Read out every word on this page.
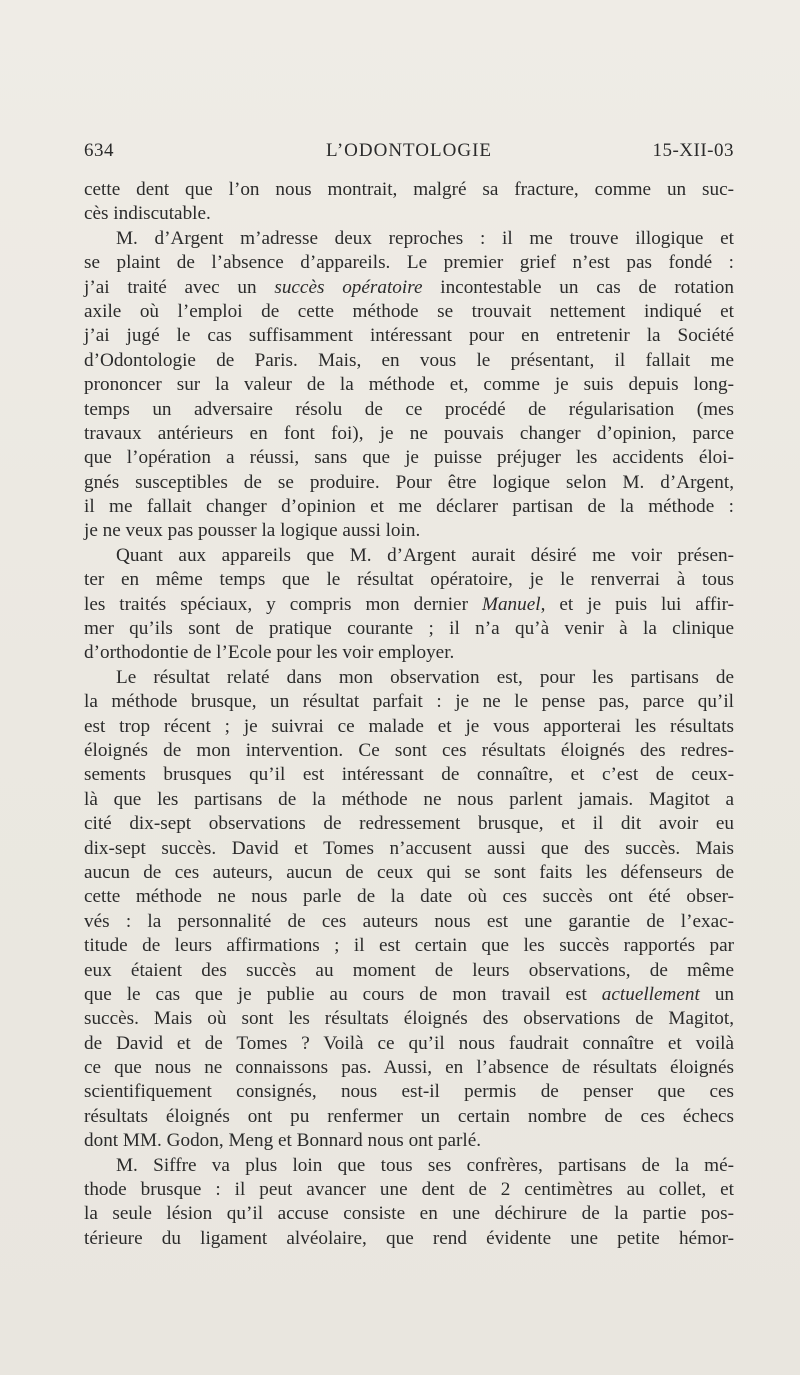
634	L’ODONTOLOGIE	15-XII-03
cette dent que l’on nous montrait, malgré sa fracture, comme un suc-
cès indiscutable.
M. d’Argent m’adresse deux reproches : il me trouve illogique et
se plaint de l’absence d’appareils. Le premier grief n’est pas fondé :
j’ai traité avec un succès opératoire incontestable un cas de rotation
axile où l’emploi de cette méthode se trouvait nettement indiqué et
j’ai jugé le cas suffisamment intéressant pour en entretenir la Société
d’Odontologie de Paris. Mais, en vous le présentant, il fallait me
prononcer sur la valeur de la méthode et, comme je suis depuis long-
temps un adversaire résolu de ce procédé de régularisation (mes
travaux antérieurs en font foi), je ne pouvais changer d’opinion, parce
que l’opération a réussi, sans que je puisse préjuger les accidents éloi-
gnés susceptibles de se produire. Pour être logique selon M. d’Argent,
il me fallait changer d’opinion et me déclarer partisan de la méthode :
je ne veux pas pousser la logique aussi loin.
Quant aux appareils que M. d’Argent aurait désiré me voir présen-
ter en même temps que le résultat opératoire, je le renverrai à tous
les traités spéciaux, y compris mon dernier Manuel, et je puis lui affir-
mer qu’ils sont de pratique courante ; il n’a qu’à venir à la clinique
d’orthodontie de l’Ecole pour les voir employer.
Le résultat relaté dans mon observation est, pour les partisans de
la méthode brusque, un résultat parfait : je ne le pense pas, parce qu’il
est trop récent ; je suivrai ce malade et je vous apporterai les résultats
éloignés de mon intervention. Ce sont ces résultats éloignés des redres-
sements brusques qu’il est intéressant de connaître, et c’est de ceux-
là que les partisans de la méthode ne nous parlent jamais. Magitot a
cité dix-sept observations de redressement brusque, et il dit avoir eu
dix-sept succès. David et Tomes n’accusent aussi que des succès. Mais
aucun de ces auteurs, aucun de ceux qui se sont faits les défenseurs de
cette méthode ne nous parle de la date où ces succès ont été obser-
vés : la personnalité de ces auteurs nous est une garantie de l’exac-
titude de leurs affirmations ; il est certain que les succès rapportés par
eux étaient des succès au moment de leurs observations, de même
que le cas que je publie au cours de mon travail est actuellement un
succès. Mais où sont les résultats éloignés des observations de Magitot,
de David et de Tomes ? Voilà ce qu’il nous faudrait connaître et voilà
ce que nous ne connaissons pas. Aussi, en l’absence de résultats éloignés
scientifiquement consignés, nous est-il permis de penser que ces
résultats éloignés ont pu renfermer un certain nombre de ces échecs
dont MM. Godon, Meng et Bonnard nous ont parlé.
M. Siffre va plus loin que tous ses confrères, partisans de la mé-
thode brusque : il peut avancer une dent de 2 centimètres au collet, et
la seule lésion qu’il accuse consiste en une déchirure de la partie pos-
térieure du ligament alvéolaire, que rend évidente une petite hémor-
